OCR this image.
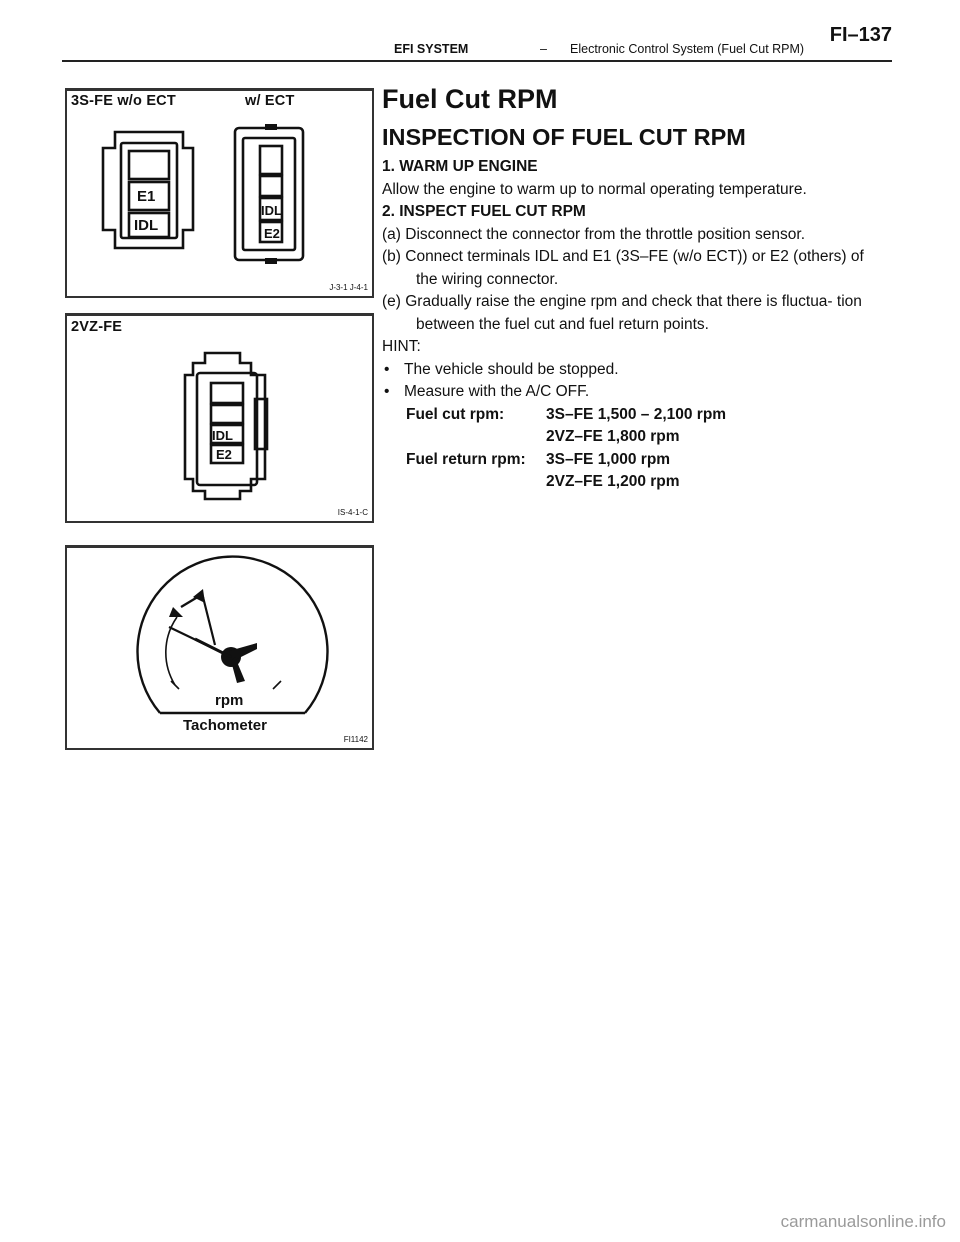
EFI SYSTEM	– Electronic Control System (Fuel Cut RPM)
FI–137
3S-FE w/o ECT	w/ ECT
E1
IDL
IDL
E2
J-3-1 J-4-1
2VZ-FE
IDL
E2
IS-4-1-C
rpm
Tachometer
FI1142
Fuel Cut RPM
INSPECTION OF FUEL CUT RPM
1. WARM UP ENGINE
Allow the engine to warm up to normal operating temperature.
2. INSPECT FUEL CUT RPM
(a) Disconnect the connector from the throttle position sensor.
(b) Connect terminals IDL and E1 (3S–FE (w/o ECT)) or E2 (others) of the wiring connector.
(e) Gradually raise the engine rpm and check that there is fluctua- tion between the fuel cut and fuel return points.
HINT:
• The vehicle should be stopped.
• Measure with the A/C OFF.
Fuel cut rpm:	3S–FE 1,500 – 2,100 rpm
2VZ–FE 1,800 rpm
Fuel return rpm: 3S–FE 1,000 rpm
2VZ–FE 1,200 rpm
carmanualsonline.info
